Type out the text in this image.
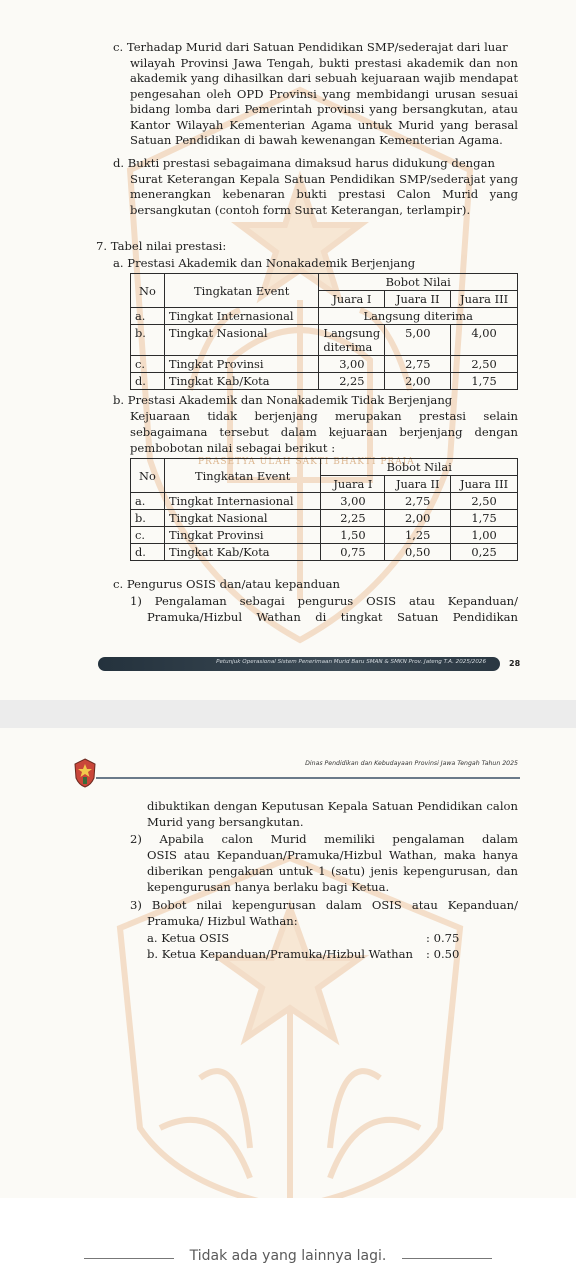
c. Terhadap Murid dari Satuan Pendidikan SMP/sederajat dari luar
wilayah Provinsi Jawa Tengah, bukti prestasi akademik dan non
akademik yang dihasilkan dari sebuah kejuaraan wajib mendapat
pengesahan oleh OPD Provinsi yang membidangi urusan sesuai
bidang lomba dari Pemerintah provinsi yang bersangkutan, atau
Kantor Wilayah Kementerian Agama untuk Murid yang berasal
Satuan Pendidikan di bawah kewenangan Kementerian Agama.
d. Bukti prestasi sebagaimana dimaksud harus didukung dengan
Surat Keterangan Kepala Satuan Pendidikan SMP/sederajat yang
menerangkan kebenaran bukti prestasi Calon Murid yang
bersangkutan (contoh form Surat Keterangan, terlampir).
7. Tabel nilai prestasi:
a. Prestasi Akademik dan Nonakademik Berjenjang
No	Tingkatan Event	Bobot Nilai		
		Juara I	Juara II	Juara III
a.	Tingkat Internasional	Langsung diterima		
b.	Tingkat Nasional	Langsung
diterima	5,00	4,00
c.	Tingkat Provinsi	3,00	2,75	2,50
d.	Tingkat Kab/Kota	2,25	2,00	1,75
b. Prestasi Akademik dan Nonakademik Tidak Berjenjang
Kejuaraan tidak berjenjang merupakan prestasi selain
sebagaimana tersebut dalam kejuaraan berjenjang dengan
pembobotan nilai sebagai berikut :
PRASETYA ULAH SAKTI BHAKTI PRAJA
No	Tingkatan Event	Bobot Nilai		
		Juara I	Juara II	Juara III
a.	Tingkat Internasional	3,00	2,75	2,50
b.	Tingkat Nasional	2,25	2,00	1,75
c.	Tingkat Provinsi	1,50	1,25	1,00
d.	Tingkat Kab/Kota	0,75	0,50	0,25
c. Pengurus OSIS dan/atau kepanduan
1) Pengalaman sebagai pengurus OSIS atau Kepanduan/
Pramuka/Hizbul Wathan di tingkat Satuan Pendidikan
Petunjuk Operasional Sistem Penerimaan Murid Baru SMAN & SMKN Prov. Jateng T.A. 2025/2026	28
Dinas Pendidikan dan Kebudayaan Provinsi Jawa Tengah Tahun 2025
dibuktikan dengan Keputusan Kepala Satuan Pendidikan calon
Murid yang bersangkutan.
2) Apabila calon Murid memiliki pengalaman dalam
OSIS atau Kepanduan/Pramuka/Hizbul Wathan, maka hanya
diberikan pengakuan untuk 1 (satu) jenis kepengurusan, dan
kepengurusan hanya berlaku bagi Ketua.
3) Bobot nilai kepengurusan dalam OSIS atau Kepanduan/
Pramuka/ Hizbul Wathan:
a. Ketua OSIS	: 0.75
b. Ketua Kepanduan/Pramuka/Hizbul Wathan : 0.50
Tidak ada yang lainnya lagi.
